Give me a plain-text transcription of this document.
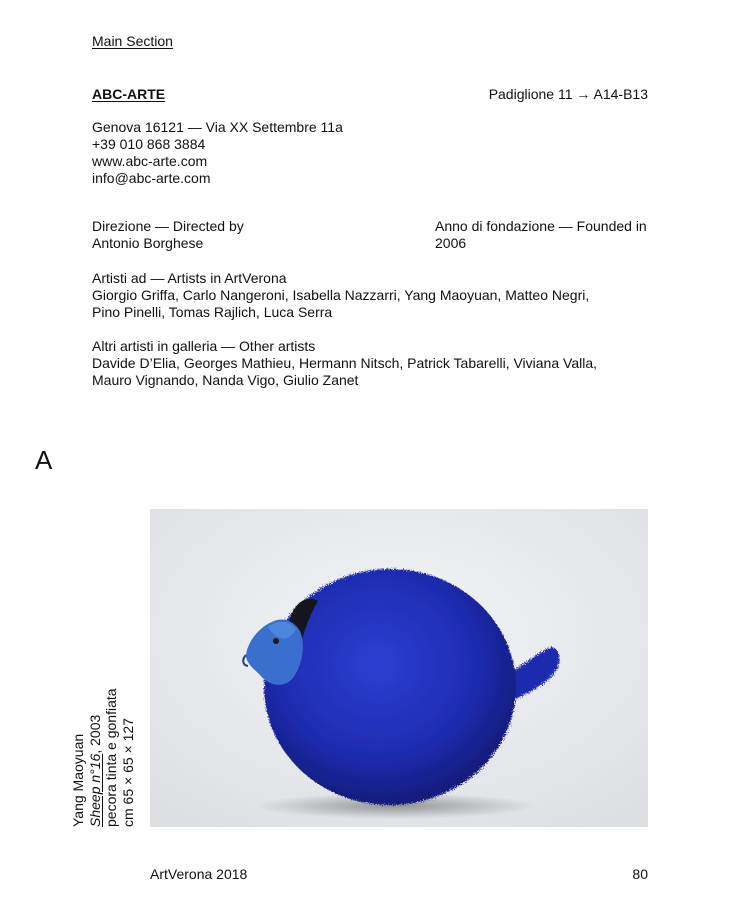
Main Section
ABC-ARTE	Padiglione 11 → A14-B13
Genova 16121 — Via XX Settembre 11a
+39 010 868 3884
www.abc-arte.com
info@abc-arte.com
Direzione — Directed by
Antonio Borghese
Anno di fondazione — Founded in
2006
Artisti ad — Artists in ArtVerona
Giorgio Griffa, Carlo Nangeroni, Isabella Nazzarri, Yang Maoyuan, Matteo Negri,
Pino Pinelli, Tomas Rajlich, Luca Serra
Altri artisti in galleria — Other artists
Davide D’Elia, Georges Mathieu, Hermann Nitsch, Patrick Tabarelli, Viviana Valla,
Mauro Vignando, Nanda Vigo, Giulio Zanet
A
Yang Maoyuan Sheep n°16, 2003 pecora tinta e gonfiata cm 65 × 65 × 127
ArtVerona 2018	80
